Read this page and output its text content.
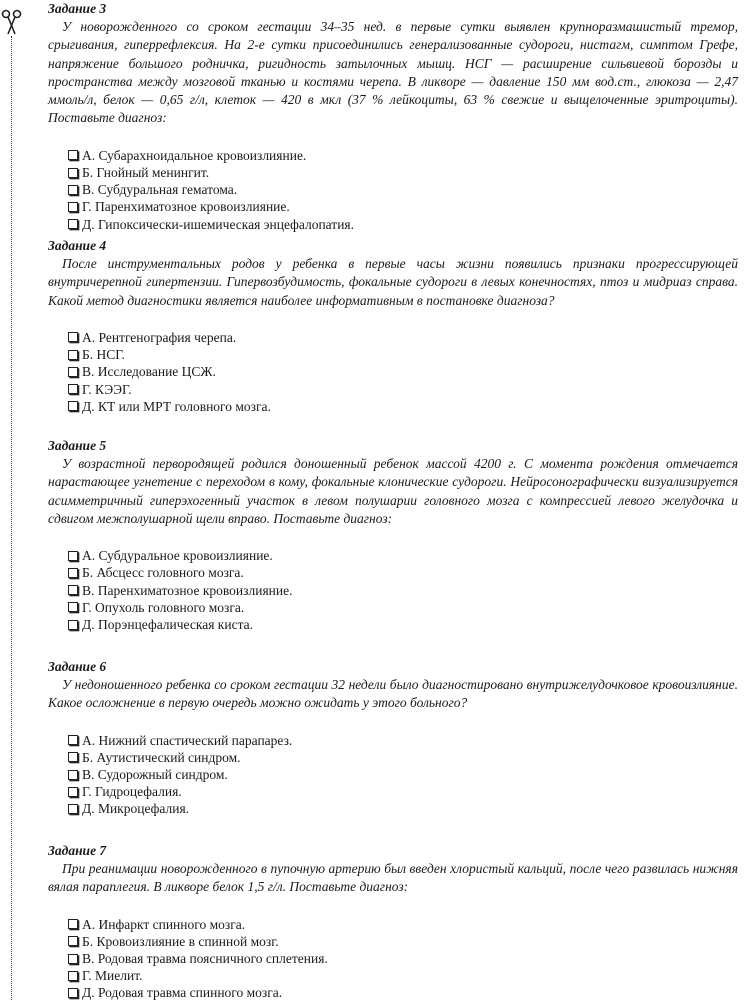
Задание 3

У новорожденного со сроком гестации 34–35 нед. в первые сутки выявлен крупноразмашистый тремор, срыгивания, гиперрефлексия. На 2-е сутки присоединились генерализованные судороги, нистагм, симптом Грефе, напряжение большого родничка, ригидность затылочных мышц. НСГ — расширение сильвиевой борозды и пространства между мозговой тканью и костями черепа. В ликворе — давление 150 мм вод.ст., глюкоза — 2,47 ммоль/л, белок — 0,65 г/л, клеток — 420 в мкл (37 % лейкоциты, 63 % свежие и выщелоченные эритроциты). Поставьте диагноз:

А. Субарахноидальное кровоизлияние.
Б. Гнойный менингит.
В. Субдуральная гематома.
Г. Паренхиматозное кровоизлияние.
Д. Гипоксически-ишемическая энцефалопатия.

Задание 4

После инструментальных родов у ребенка в первые часы жизни появились признаки прогрессирующей внутричерепной гипертензии. Гипервозбудимость, фокальные судороги в левых конечностях, птоз и мидриаз справа. Какой метод диагностики является наиболее информативным в постановке диагноза?

А. Рентгенография черепа.
Б. НСГ.
В. Исследование ЦСЖ.
Г. КЭЭГ.
Д. КТ или МРТ головного мозга.

Задание 5

У возрастной первородящей родился доношенный ребенок массой 4200 г. С момента рождения отмечается нарастающее угнетение с переходом в кому, фокальные клонические судороги. Нейросонографически визуализируется асимметричный гиперэхогенный участок в левом полушарии головного мозга с компрессией левого желудочка и сдвигом межполушарной щели вправо. Поставьте диагноз:

А. Субдуральное кровоизлияние.
Б. Абсцесс головного мозга.
В. Паренхиматозное кровоизлияние.
Г. Опухоль головного мозга.
Д. Порэнцефалическая киста.

Задание 6

У недоношенного ребенка со сроком гестации 32 недели было диагностировано внутрижелудочковое кровоизлияние. Какое осложнение в первую очередь можно ожидать у этого больного?

А. Нижний спастический парапарез.
Б. Аутистический синдром.
В. Судорожный синдром.
Г. Гидроцефалия.
Д. Микроцефалия.

Задание 7

При реанимации новорожденного в пупочную артерию был введен хлористый кальций, после чего развилась нижняя вялая параплегия. В ликворе белок 1,5 г/л. Поставьте диагноз:

А. Инфаркт спинного мозга.
Б. Кровоизлияние в спинной мозг.
В. Родовая травма поясничного сплетения.
Г. Миелит.
Д. Родовая травма спинного мозга.
